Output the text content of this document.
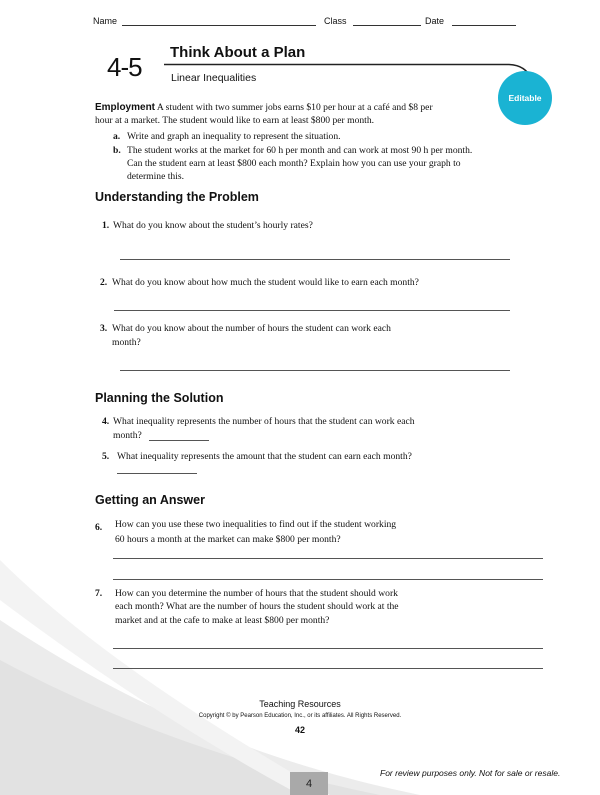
Name	Class	Date
4-5 Think About a Plan
Linear Inequalities
Editable
Employment A student with two summer jobs earns $10 per hour at a café and $8 per
hour at a market. The student would like to earn at least $800 per month.
a. Write and graph an inequality to represent the situation.
b. The student works at the market for 60 h per month and can work at most 90 h per month.
Can the student earn at least $800 each month? Explain how you can use your graph to
determine this.
Understanding the Problem
1. What do you know about the student’s hourly rates?
2. What do you know about how much the student would like to earn each month?
3. What do you know about the number of hours the student can work each
month?
Planning the Solution
4. What inequality represents the number of hours that the student can work each
month?
5. What inequality represents the amount that the student can earn each month?
Getting an Answer
6. How can you use these two inequalities to find out if the student working
60 hours a month at the market can make $800 per month?
7. How can you determine the number of hours that the student should work
each month? What are the number of hours the student should work at the
market and at the cafe to make at least $800 per month?
Teaching Resources
Copyright © by Pearson Education, Inc., or its affiliates. All Rights Reserved.
42
4
For review purposes only. Not for sale or resale.
